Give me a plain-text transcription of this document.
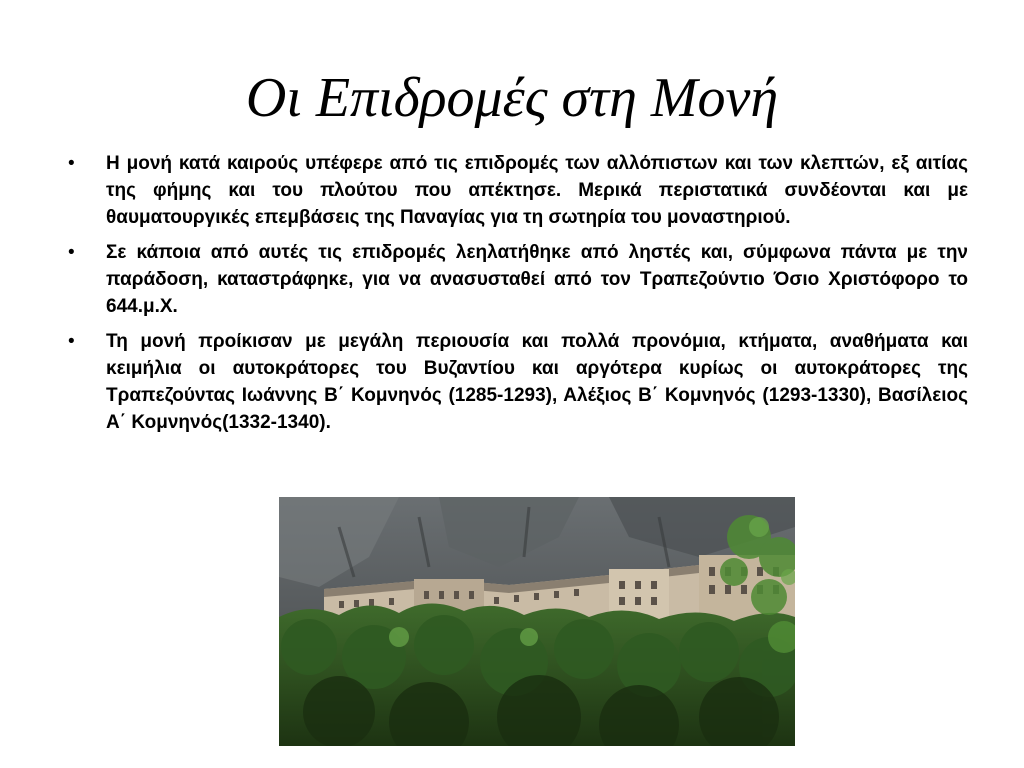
Οι Επιδρομές στη Μονή
• Η μονή κατά καιρούς υπέφερε από τις επιδρομές των αλλόπιστων και των κλεπτών, εξ αιτίας της φήμης και του πλούτου που απέκτησε. Μερικά περιστατικά συνδέονται και με θαυματουργικές επεμβάσεις της Παναγίας για τη σωτηρία του μοναστηριού.
• Σε κάποια από αυτές τις επιδρομές λεηλατήθηκε από ληστές και, σύμφωνα πάντα με την παράδοση, καταστράφηκε, για να ανασυσταθεί από τον Τραπεζούντιο Όσιο Χριστόφορο το 644.μ.Χ.
• Τη μονή προίκισαν με μεγάλη περιουσία και πολλά προνόμια, κτήματα, αναθήματα και κειμήλια οι αυτοκράτορες του Βυζαντίου και αργότερα κυρίως οι αυτοκράτορες της Τραπεζούντας Ιωάννης Β΄ Κομνηνός (1285-1293), Αλέξιος Β΄ Κομνηνός (1293-1330), Βασίλειος Α΄ Κομνηνός(1332-1340).
